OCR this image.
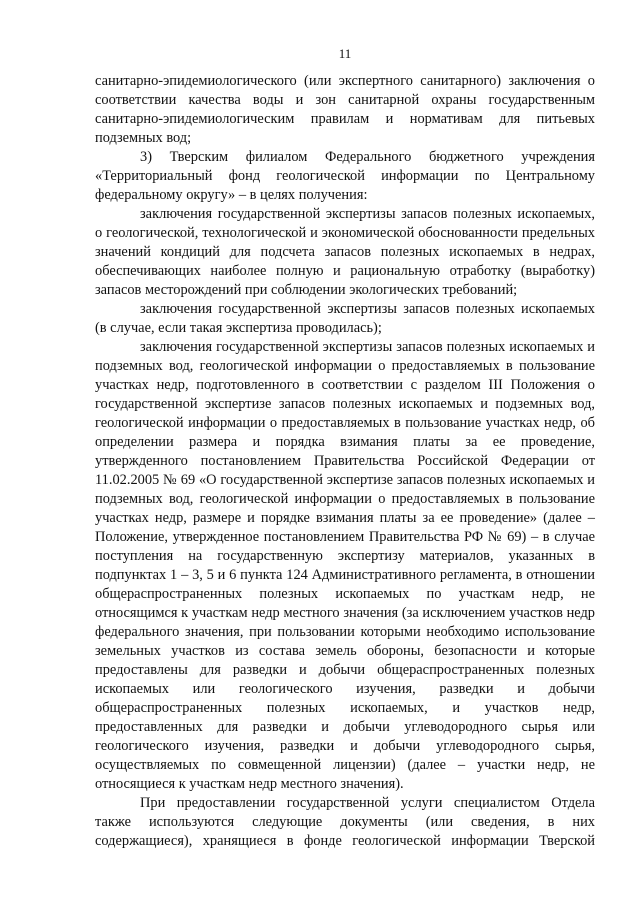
11

санитарно-эпидемиологического (или экспертного санитарного) заключения о соответствии качества воды и зон санитарной охраны государственным санитарно-эпидемиологическим правилам и нормативам для питьевых подземных вод;

3) Тверским филиалом Федерального бюджетного учреждения «Территориальный фонд геологической информации по Центральному федеральному округу» – в целях получения:

заключения государственной экспертизы запасов полезных ископаемых, о геологической, технологической и экономической обоснованности предельных значений кондиций для подсчета запасов полезных ископаемых в недрах, обеспечивающих наиболее полную и рациональную отработку (выработку) запасов месторождений при соблюдении экологических требований;

заключения государственной экспертизы запасов полезных ископаемых (в случае, если такая экспертиза проводилась);

заключения государственной экспертизы запасов полезных ископаемых и подземных вод, геологической информации о предоставляемых в пользование участках недр, подготовленного в соответствии с разделом III Положения о государственной экспертизе запасов полезных ископаемых и подземных вод, геологической информации о предоставляемых в пользование участках недр, об определении размера и порядка взимания платы за ее проведение, утвержденного постановлением Правительства Российской Федерации от 11.02.2005 № 69 «О государственной экспертизе запасов полезных ископаемых и подземных вод, геологической информации о предоставляемых в пользование участках недр, размере и порядке взимания платы за ее проведение» (далее – Положение, утвержденное постановлением Правительства РФ № 69) – в случае поступления на государственную экспертизу материалов, указанных в подпунктах 1 – 3, 5 и 6 пункта 124 Административного регламента, в отношении общераспространенных полезных ископаемых по участкам недр, не относящимся к участкам недр местного значения (за исключением участков недр федерального значения, при пользовании которыми необходимо использование земельных участков из состава земель обороны, безопасности и которые предоставлены для разведки и добычи общераспространенных полезных ископаемых или геологического изучения, разведки и добычи общераспространенных полезных ископаемых, и участков недр, предоставленных для разведки и добычи углеводородного сырья или геологического изучения, разведки и добычи углеводородного сырья, осуществляемых по совмещенной лицензии) (далее – участки недр, не относящиеся к участкам недр местного значения).

При предоставлении государственной услуги специалистом Отдела также используются следующие документы (или сведения, в них содержащиеся), хранящиеся в фонде геологической информации Тверской
